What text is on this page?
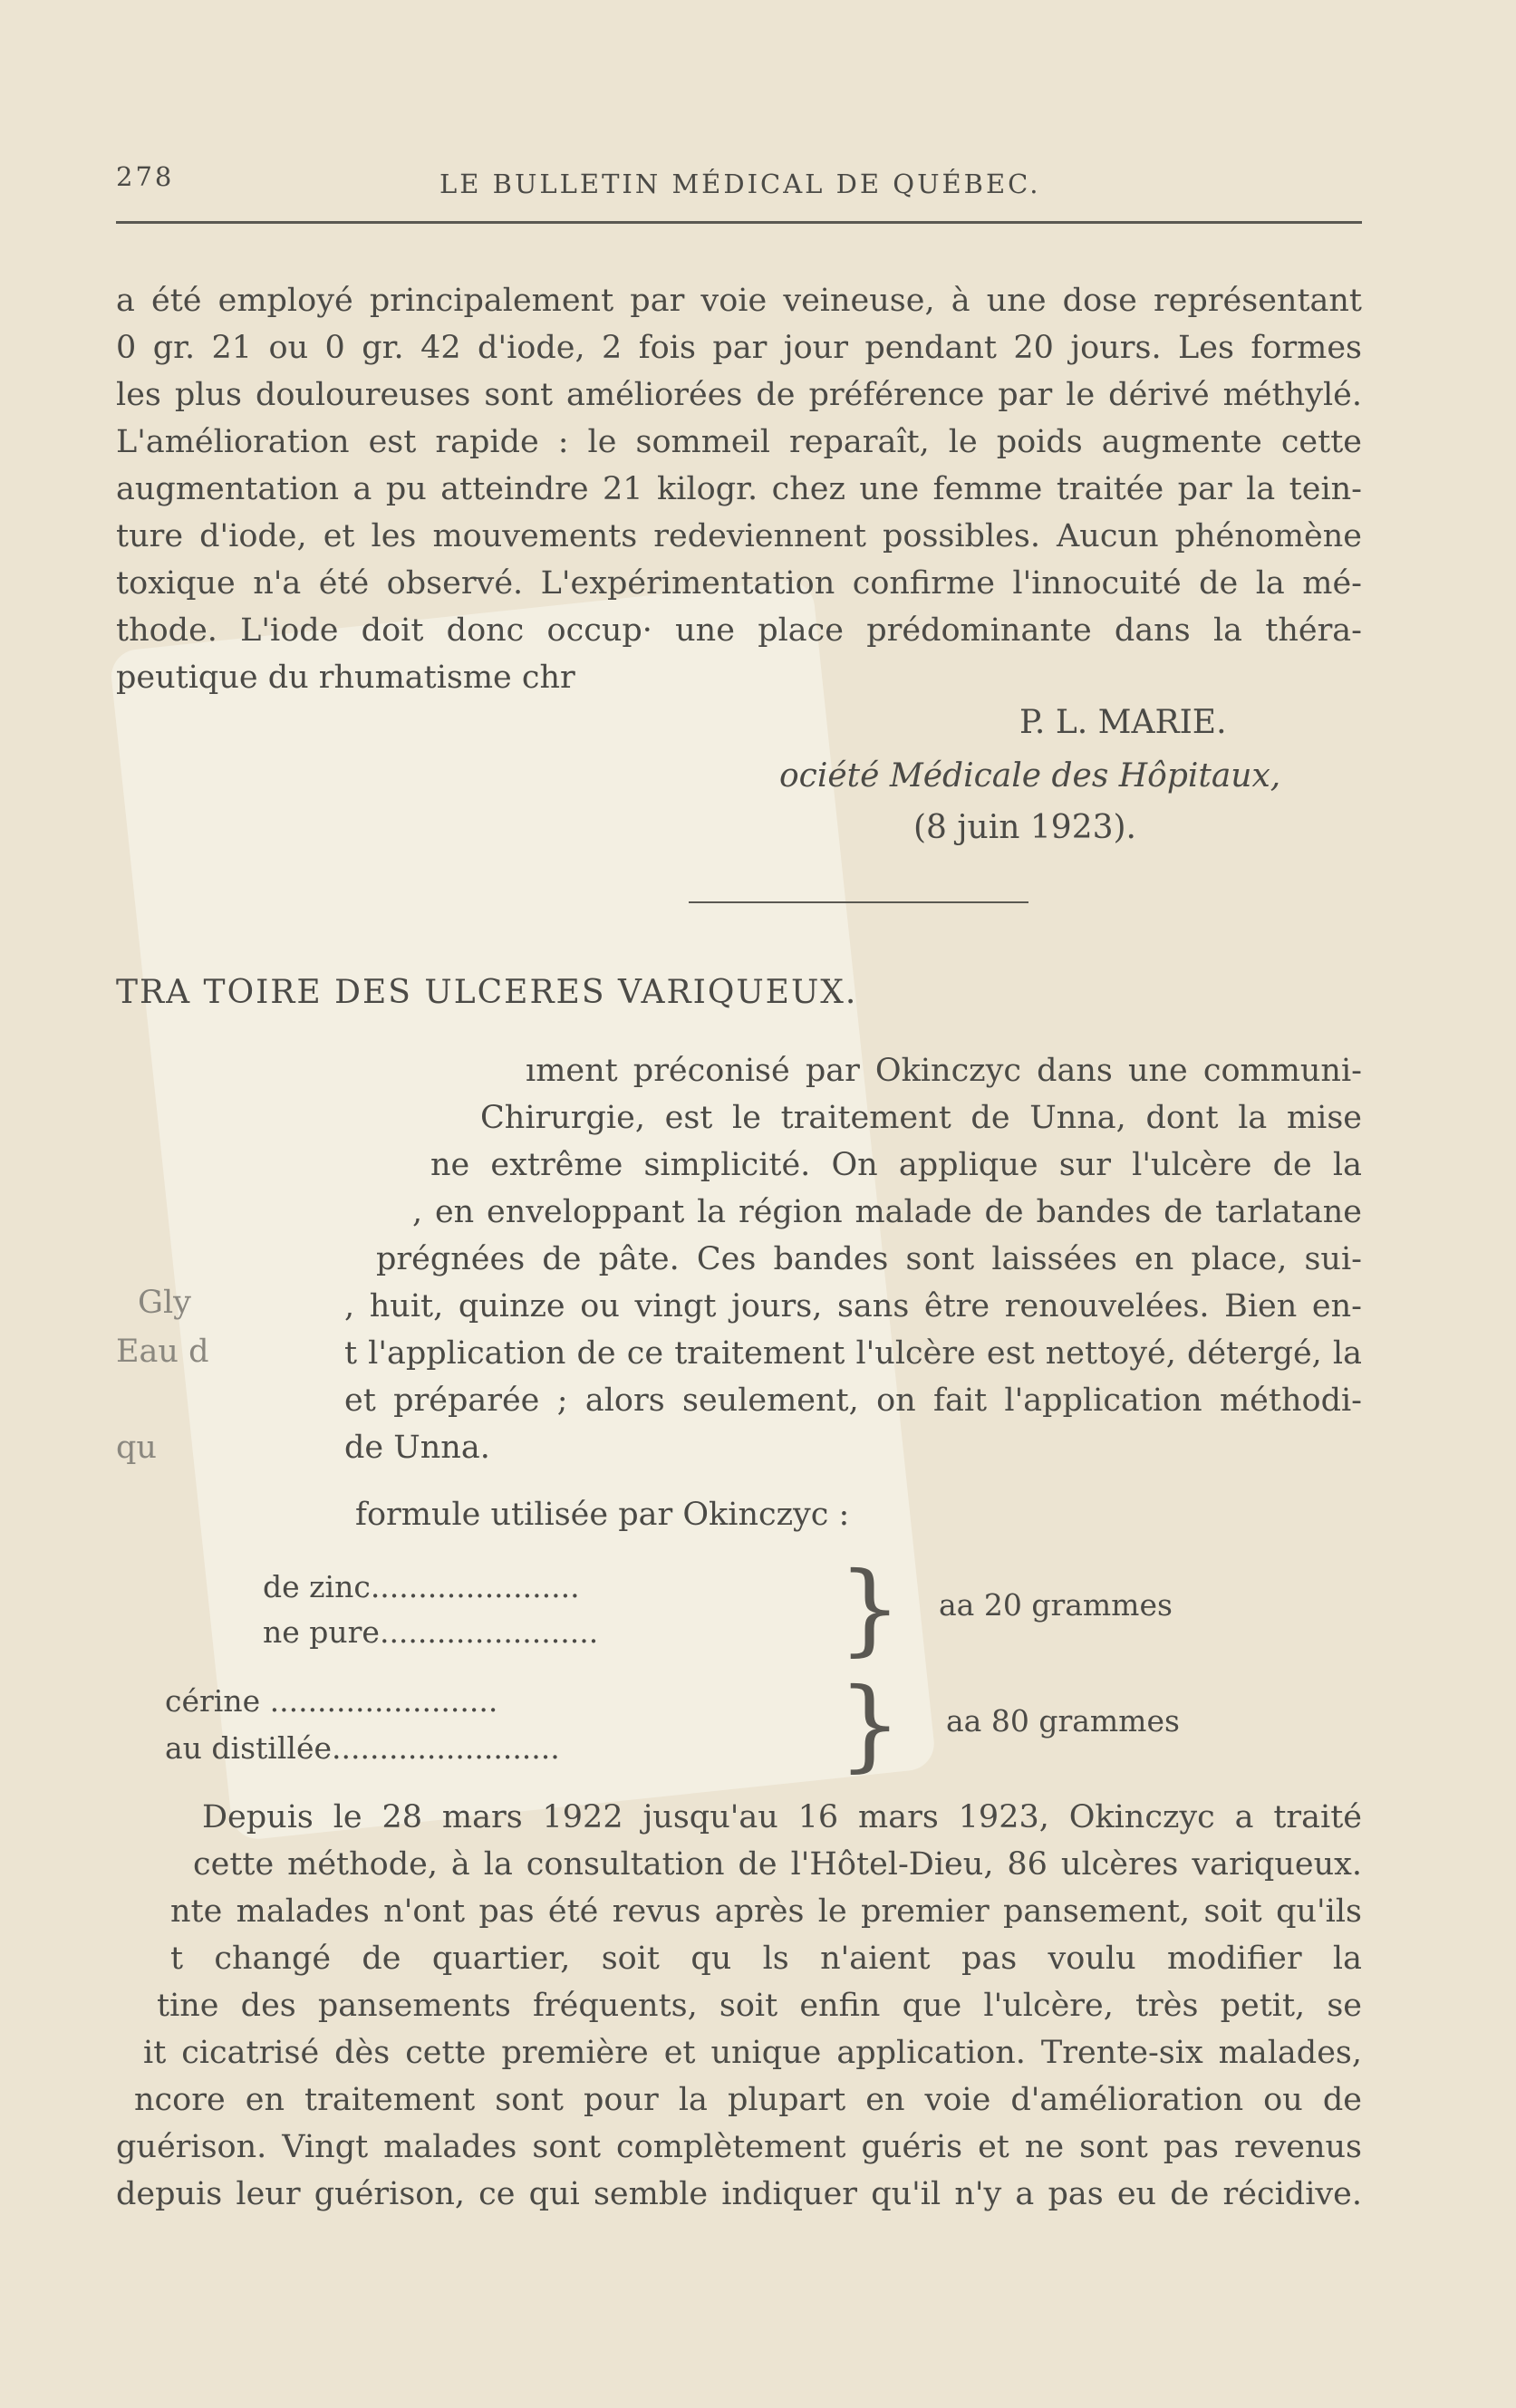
278	LE BULLETIN MÉDICAL DE QUÉBEC.
a été employé principalement par voie veineuse, à une dose représentant
0 gr. 21 ou 0 gr. 42 d'iode, 2 fois par jour pendant 20 jours. Les formes
les plus douloureuses sont améliorées de préférence par le dérivé méthylé.
L'amélioration est rapide : le sommeil reparaît, le poids augmente cette
augmentation a pu atteindre 21 kilogr. chez une femme traitée par la tein-
ture d'iode, et les mouvements redeviennent possibles. Aucun phénomène
toxique n'a été observé. L'expérimentation confirme l'innocuité de la mé-
thode. L'iode doit donc occup· une place prédominante dans la théra-
peutique du rhumatisme chr
P. L. MARIE.
ociété Médicale des Hôpitaux,
(8 juin 1923).
TRA TOIRE DES ULCERES VARIQUEUX.
ıment préconisé par Okinczyc dans une communi-
Chirurgie, est le traitement de Unna, dont la mise
ne extrême simplicité. On applique sur l'ulcère de la
, en enveloppant la région malade de bandes de tarlatane
prégnées de pâte. Ces bandes sont laissées en place, sui-
, huit, quinze ou vingt jours, sans être renouvelées. Bien en-
t l'application de ce traitement l'ulcère est nettoyé, détergé, la
et préparée ; alors seulement, on fait l'application méthodi-
de Unna.
Gly
Eau d
qu
formule utilisée par Okinczyc :
de zinc......................
ne pure....................... } aa 20 grammes
cérine ........................
au distillée........................	} aa 80 grammes
Depuis le 28 mars 1922 jusqu'au 16 mars 1923, Okinczyc a traité
cette méthode, à la consultation de l'Hôtel-Dieu, 86 ulcères variqueux.
nte malades n'ont pas été revus après le premier pansement, soit qu'ils
t changé de quartier, soit qu ls n'aient pas voulu modifier la
tine des pansements fréquents, soit enfin que l'ulcère, très petit, se
it cicatrisé dès cette première et unique application. Trente-six malades,
ncore en traitement sont pour la plupart en voie d'amélioration ou de
guérison. Vingt malades sont complètement guéris et ne sont pas revenus
depuis leur guérison, ce qui semble indiquer qu'il n'y a pas eu de récidive.
